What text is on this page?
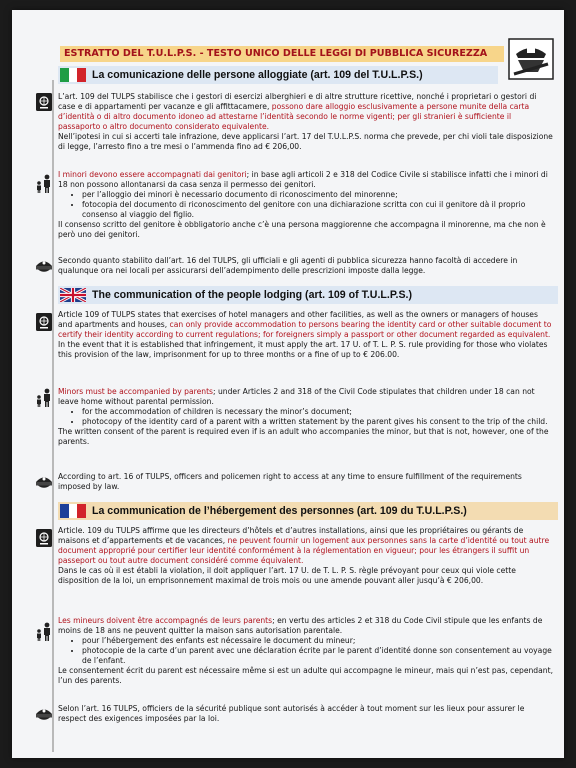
ESTRATTO DEL T.U.L.P.S. - TESTO UNICO DELLE LEGGI DI PUBBLICA SICUREZZA
La comunicazione delle persone alloggiate (art. 109 del T.U.L.P.S.)

L’art. 109 del TULPS stabilisce che i gestori di esercizi alberghieri e di altre strutture ricettive, nonché i proprietari o gestori di case e di appartamenti per vacanze e gli affittacamere, possono dare alloggio esclusivamente a persone munite della carta d’identità o di altro documento idoneo ad attestarne l’identità secondo le norme vigenti; per gli stranieri è sufficiente il passaporto o altro documento considerato equivalente.

Nell’ipotesi in cui si accerti tale infrazione, deve applicarsi l’art. 17 del T.U.L.P.S. norma che prevede, per chi violi tale disposizione di legge, l’arresto fino a tre mesi o l’ammenda fino ad € 206,00.

I minori devono essere accompagnati dai genitori; in base agli articoli 2 e 318 del Codice Civile si stabilisce infatti che i minori di 18 non possono allontanarsi da casa senza il permesso dei genitori.

• per l’alloggio dei minori è necessario documento di riconoscimento del minorenne;
• fotocopia del documento di riconoscimento del genitore con una dichiarazione scritta con cui il genitore dà il proprio consenso al viaggio del figlio.

Il consenso scritto del genitore è obbligatorio anche c’è una persona maggiorenne che accompagna il minorenne, ma che non è però uno dei genitori.

Secondo quanto stabilito dall’art. 16 del TULPS, gli ufficiali e gli agenti di pubblica sicurezza hanno facoltà di accedere in qualunque ora nei locali per assicurarsi dell’adempimento delle prescrizioni imposte dalla legge.

The communication of the people lodging (art. 109 of T.U.L.P.S.)

Article 109 of TULPS states that exercises of hotel managers and other facilities, as well as the owners or managers of houses and apartments and houses, can only provide accommodation to persons bearing the identity card or other suitable document to certify their identity according to current regulations; for foreigners simply a passport or other document regarded as equivalent.

In the event that it is established that infringement, it must apply the art. 17 U. of T. L. P. S. rule providing for those who violates this provision of the law, imprisonment for up to three months or a fine of up to € 206.00.

Minors must be accompanied by parents; under Articles 2 and 318 of the Civil Code stipulates that children under 18 can not leave home without parental permission.

• for the accommodation of children is necessary the minor’s document;
• photocopy of the identity card of a parent with a written statement by the parent gives his consent to the trip of the child.

The written consent of the parent is required even if is an adult who accompanies the minor, but that is not, however, one of the parents.

According to art. 16 of TULPS, officers and policemen right to access at any time to ensure fulfillment of the requirements imposed by law.

La communication de l’hébergement des personnes (art. 109 du T.U.L.P.S.)

Article. 109 du TULPS affirme que les directeurs d’hôtels et d’autres installations, ainsi que les propriétaires ou gérants de maisons et d’appartements et de vacances, ne peuvent fournir un logement aux personnes sans la carte d’identité ou tout autre document approprié pour certifier leur identité conformément à la réglementation en vigueur; pour les étrangers il suffit un passeport ou tout autre document considéré comme équivalent.

Dans le cas où il est établi la violation, il doit appliquer l’art. 17 U. de T. L. P. S. règle prévoyant pour ceux qui viole cette disposition de la loi, un emprisonnement maximal de trois mois ou une amende pouvant aller jusqu’à € 206,00.

Les mineurs doivent être accompagnés de leurs parents; en vertu des articles 2 et 318 du Code Civil stipule que les enfants de moins de 18 ans ne peuvent quitter la maison sans autorisation parentale.

• pour l’hébergement des enfants est nécessaire le document du mineur;
• photocopie de la carte d’un parent avec une déclaration écrite par le parent d’identité donne son consentement au voyage de l’enfant.

Le consentement écrit du parent est nécessaire même si est un adulte qui accompagne le mineur, mais qui n’est pas, cependant, l’un des parents.

Selon l’art. 16 TULPS, officiers de la sécurité publique sont autorisés à accéder à tout moment sur les lieux pour assurer le respect des exigences imposées par la loi.
